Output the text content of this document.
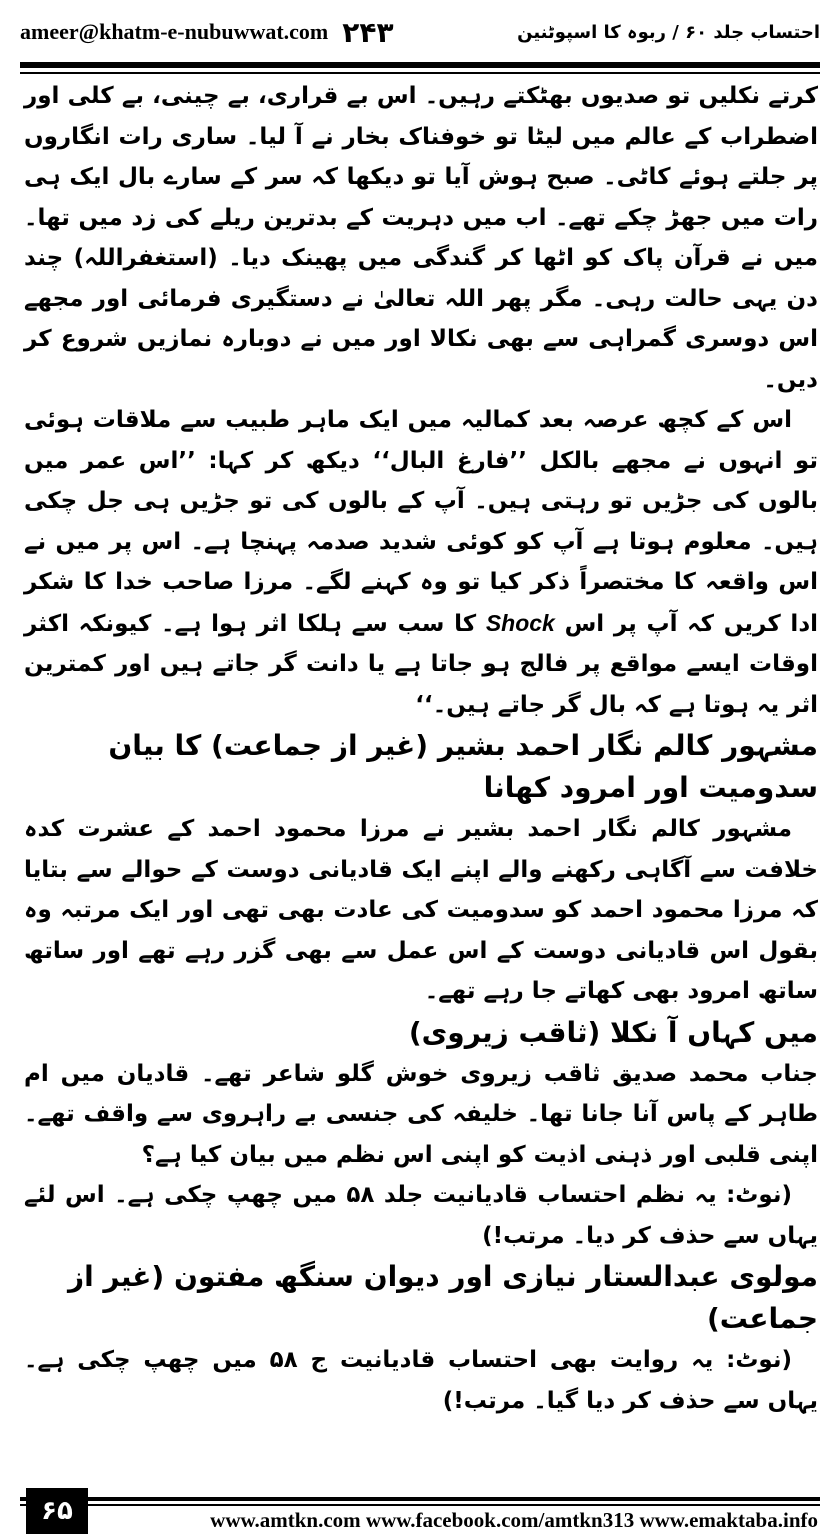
ameer@khatm-e-nubuwwat.com ۲۴۳	احتساب جلد ۶۰ / ربوہ کا اسپوٹنین

کرتے نکلیں تو صدیوں بھٹکتے رہیں۔ اس بے قراری، بے چینی، بے کلی اور اضطراب کے عالم میں لیٹا تو خوفناک بخار نے آ لیا۔ ساری رات انگاروں پر جلتے ہوئے کاٹی۔ صبح ہوش آیا تو دیکھا کہ سر کے سارے بال ایک ہی رات میں جھڑ چکے تھے۔ اب میں دہریت کے بدترین ریلے کی زد میں تھا۔ میں نے قرآن پاک کو اٹھا کر گندگی میں پھینک دیا۔ (استغفراللہ) چند دن یہی حالت رہی۔ مگر پھر اللہ تعالیٰ نے دستگیری فرمائی اور مجھے اس دوسری گمراہی سے بھی نکالا اور میں نے دوبارہ نمازیں شروع کر دیں۔

اس کے کچھ عرصہ بعد کمالیہ میں ایک ماہر طبیب سے ملاقات ہوئی تو انہوں نے مجھے بالکل ’’فارغ البال‘‘ دیکھ کر کہا: ’’اس عمر میں بالوں کی جڑیں تو رہتی ہیں۔ آپ کے بالوں کی تو جڑیں ہی جل چکی ہیں۔ معلوم ہوتا ہے آپ کو کوئی شدید صدمہ پہنچا ہے۔ اس پر میں نے اس واقعہ کا مختصراً ذکر کیا تو وہ کہنے لگے۔ مرزا صاحب خدا کا شکر ادا کریں کہ آپ پر اس Shock کا سب سے ہلکا اثر ہوا ہے۔ کیونکہ اکثر اوقات ایسے مواقع پر فالج ہو جاتا ہے یا دانت گر جاتے ہیں اور کمترین اثر یہ ہوتا ہے کہ بال گر جاتے ہیں۔‘‘

مشہور کالم نگار احمد بشیر (غیر از جماعت) کا بیان سدومیت اور امرود کھانا

مشہور کالم نگار احمد بشیر نے مرزا محمود احمد کے عشرت کدہ خلافت سے آگاہی رکھنے والے اپنے ایک قادیانی دوست کے حوالے سے بتایا کہ مرزا محمود احمد کو سدومیت کی عادت بھی تھی اور ایک مرتبہ وہ بقول اس قادیانی دوست کے اس عمل سے بھی گزر رہے تھے اور ساتھ ساتھ امرود بھی کھاتے جا رہے تھے۔

میں کہاں آ نکلا (ثاقب زیروی)

جناب محمد صدیق ثاقب زیروی خوش گلو شاعر تھے۔ قادیان میں ام طاہر کے پاس آنا جانا تھا۔ خلیفہ کی جنسی بے راہروی سے واقف تھے۔ اپنی قلبی اور ذہنی اذیت کو اپنی اس نظم میں بیان کیا ہے؟

(نوٹ: یہ نظم احتساب قادیانیت جلد ۵۸ میں چھپ چکی ہے۔ اس لئے یہاں سے حذف کر دیا۔ مرتب!)

مولوی عبدالستار نیازی اور دیوان سنگھ مفتون (غیر از جماعت)

(نوٹ: یہ روایت بھی احتساب قادیانیت ج ۵۸ میں چھپ چکی ہے۔ یہاں سے حذف کر دیا گیا۔ مرتب!)

۶۵	www.amtkn.com www.facebook.com/amtkn313 www.emaktaba.info
